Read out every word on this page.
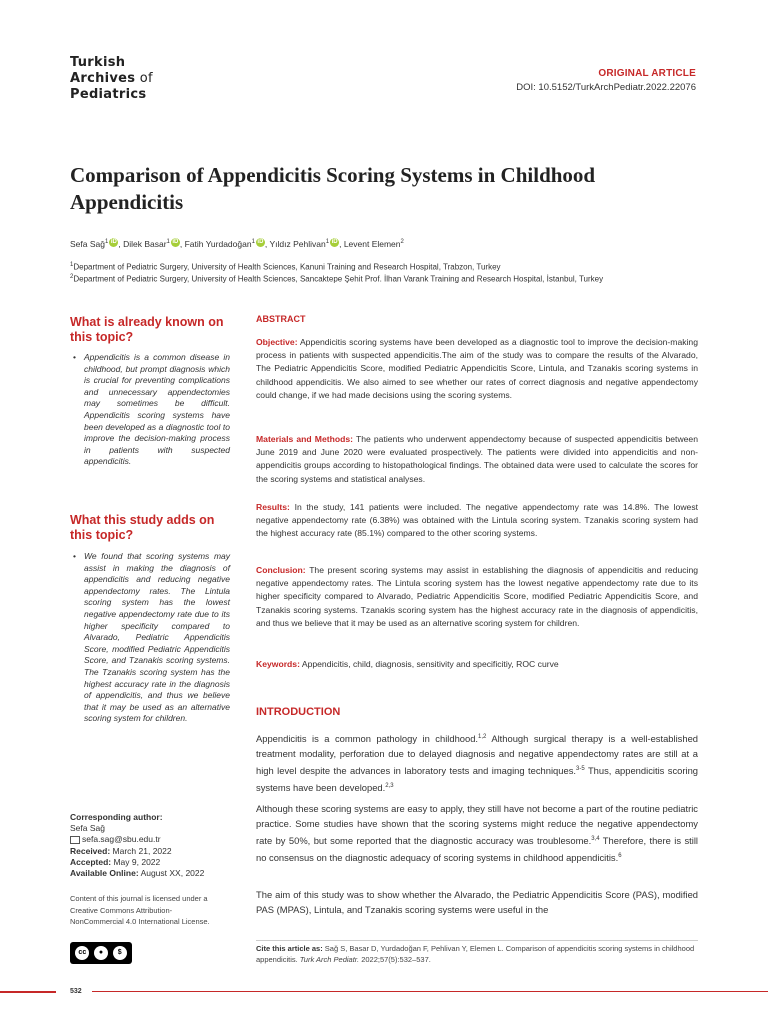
Turkish
Archives of
Pediatrics
ORIGINAL ARTICLE
DOI: 10.5152/TurkArchPediatr.2022.22076
Comparison of Appendicitis Scoring Systems in Childhood Appendicitis
Sefa Sağ$^1$ iD , Dilek Basar$^1$ iD , Fatih Yurdadoğan$^1$ iD , Yıldız Pehlivan$^1$ iD , Levent Elemen$^2$
$^1$Department of Pediatric Surgery, University of Health Sciences, Kanuni Training and Research Hospital, Trabzon, Turkey
$^2$Department of Pediatric Surgery, University of Health Sciences, Sancaktepe Şehit Prof. İlhan Varank Training and Research Hospital, İstanbul, Turkey
What is already known on this topic?
• Appendicitis is a common disease in childhood, but prompt diagnosis which is crucial for preventing complications and unnecessary appendectomies may sometimes be difficult. Appendicitis scoring systems have been developed as a diagnostic tool to improve the decision-making process in patients with suspected appendicitis.
What this study adds on this topic?
• We found that scoring systems may assist in making the diagnosis of appendicitis and reducing negative appendectomy rates. The Lintula scoring system has the lowest negative appendectomy rate due to its higher specificity compared to Alvarado, Pediatric Appendicitis Score, modified Pediatric Appendicitis Score, and Tzanakis scoring systems. The Tzanakis scoring system has the highest accuracy rate in the diagnosis of appendicitis, and thus we believe that it may be used as an alternative scoring system for children.
Corresponding author:
Sefa Sağ
sefa.sag@sbu.edu.tr
Received: March 21, 2022
Accepted: May 9, 2022
Available Online: August XX, 2022
Content of this journal is licensed under a Creative Commons Attribution-NonCommercial 4.0 International License.
cc	●	$
ABSTRACT

Objective: Appendicitis scoring systems have been developed as a diagnostic tool to improve the decision-making process in patients with suspected appendicitis.The aim of the study was to compare the results of the Alvarado, The Pediatric Appendicitis Score, modified Pediatric Appendicitis Score, Lintula, and Tzanakis scoring systems in childhood appendicitis. We also aimed to see whether our rates of correct diagnosis and negative appendectomy could change, if we had made decisions using the scoring systems.

Materials and Methods: The patients who underwent appendectomy because of suspected appendicitis between June 2019 and June 2020 were evaluated prospectively. The patients were divided into appendicitis and non-appendicitis groups according to histopathological findings. The obtained data were used to calculate the scores for the scoring systems and statistical analyses.

Results: In the study, 141 patients were included. The negative appendectomy rate was 14.8%. The lowest negative appendectomy rate (6.38%) was obtained with the Lintula scoring system. Tzanakis scoring system had the highest accuracy rate (85.1%) compared to the other scoring systems.

Conclusion: The present scoring systems may assist in establishing the diagnosis of appendicitis and reducing negative appendectomy rates. The Lintula scoring system has the lowest negative appendectomy rate due to its higher specificity compared to Alvarado, Pediatric Appendicitis Score, modified Pediatric Appendicitis Score, and Tzanakis scoring systems. Tzanakis scoring system has the highest accuracy rate in the diagnosis of appendicitis, and thus we believe that it may be used as an alternative scoring system for children.

Keywords: Appendicitis, child, diagnosis, sensitivity and specificitiy, ROC curve

INTRODUCTION

Appendicitis is a common pathology in childhood.$^{1,2}$ Although surgical therapy is a well-established treatment modality, perforation due to delayed diagnosis and negative appendectomy rates are still at a high level despite the advances in laboratory tests and imaging techniques.$^{3-5}$ Thus, appendicitis scoring systems have been developed.$^{2,3}$

Although these scoring systems are easy to apply, they still have not become a part of the routine pediatric practice. Some studies have shown that the scoring systems might reduce the negative appendectomy rate by 50%, but some reported that the diagnostic accuracy was troublesome.$^{3,4}$ Therefore, there is still no consensus on the diagnostic adequacy of scoring systems in childhood appendicitis.$^6$

The aim of this study was to show whether the Alvarado, the Pediatric Appendicitis Score (PAS), modified PAS (MPAS), Lintula, and Tzanakis scoring systems were useful in the

Cite this article as: Sağ S, Basar D, Yurdadoğan F, Pehlivan Y, Elemen L. Comparison of appendicitis scoring systems in childhood appendicitis. Turk Arch Pediatr. 2022;57(5):532–537.
532
